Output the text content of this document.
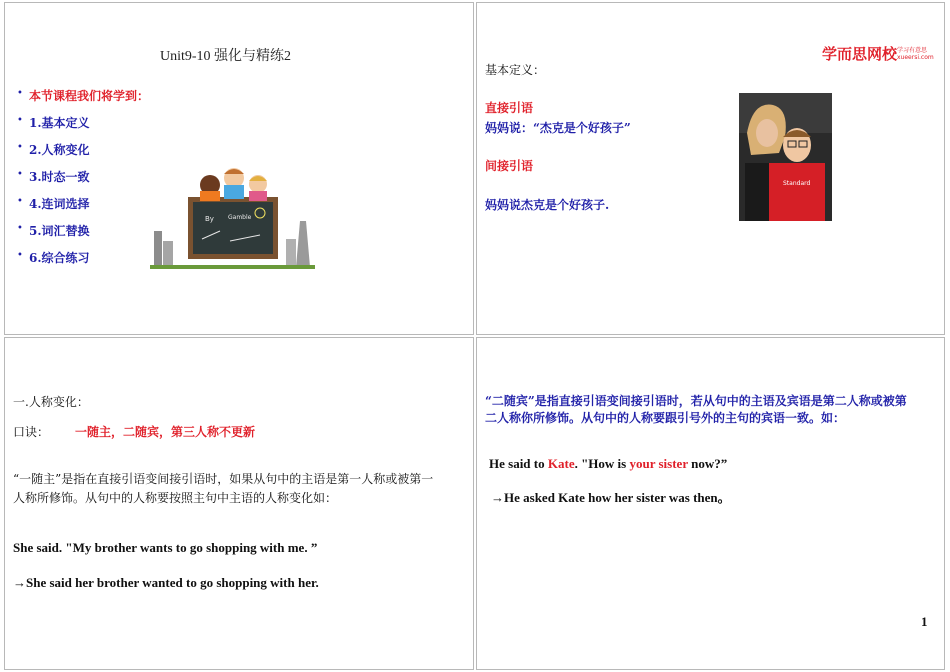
Unit9-10 强化与精练2
• 本节课程我们将学到：
• 1.基本定义
• 2.人称变化
• 3.时态一致
• 4.连词选择
• 5.词汇替换
• 6.综合练习
By Gamble
学而思网校 学习有意思
xueersi.com
基本定义：
直接引语
妈妈说：“杰克是个好孩子”
间接引语
妈妈说杰克是个好孩子.
Standard
一.人称变化：
口诀： 一随主，二随宾，第三人称不更新
“一随主”是指在直接引语变间接引语时，如果从句中的主语是第一人称或被第一人称所修饰。从句中的人称要按照主句中主语的人称变化如：
She said. "My brother wants to go shopping with me. ”
→She said her brother wanted to go shopping with her.
“二随宾”是指直接引语变间接引语时，若从句中的主语及宾语是第二人称或被第二人称你所修饰。从句中的人称要跟引号外的主句的宾语一致。如：
He said to Kate. "How is your sister now?”
→He asked Kate how her sister was then。
1
